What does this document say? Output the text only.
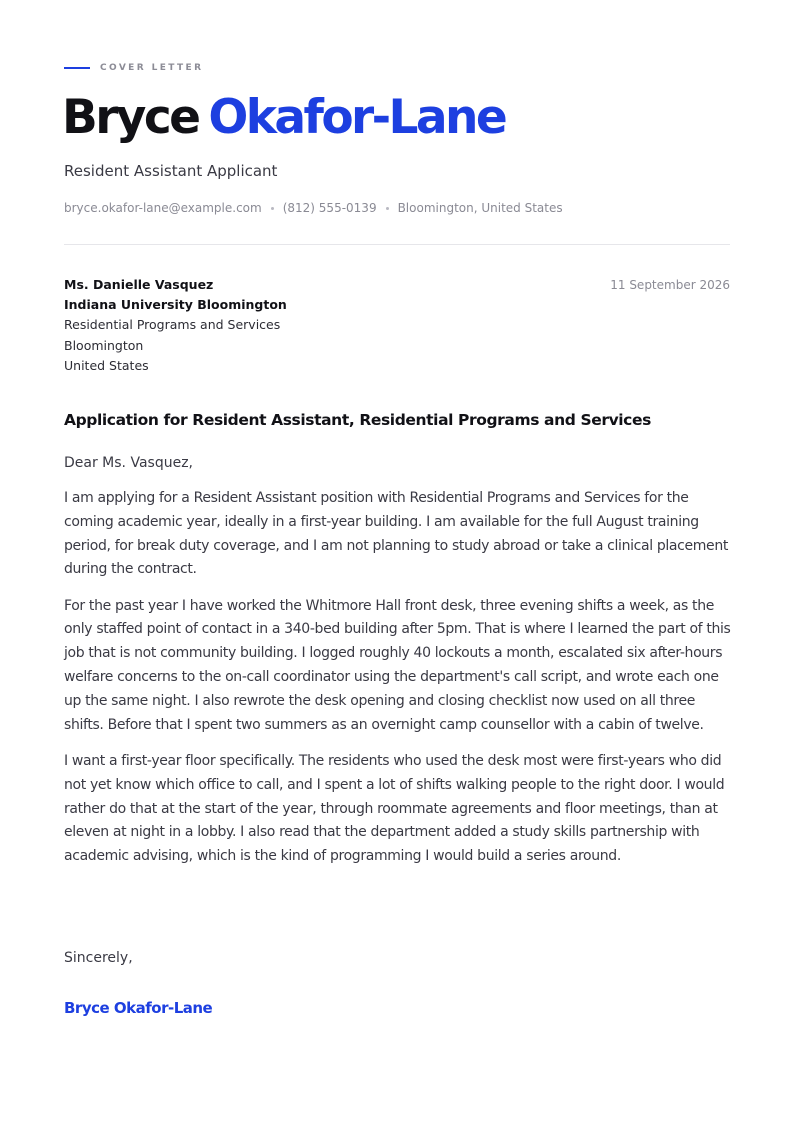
COVER LETTER
Bryce Okafor-Lane
Resident Assistant Applicant
bryce.okafor-lane@example.com (812) 555-0139 Bloomington, United States
Ms. Danielle Vasquez
Indiana University Bloomington
Residential Programs and Services
Bloomington
United States
11 September 2026
Application for Resident Assistant, Residential Programs and Services
Dear Ms. Vasquez,

I am applying for a Resident Assistant position with Residential Programs and Services for the coming academic year, ideally in a first-year building. I am available for the full August training period, for break duty coverage, and I am not planning to study abroad or take a clinical placement during the contract.

For the past year I have worked the Whitmore Hall front desk, three evening shifts a week, as the only staffed point of contact in a 340-bed building after 5pm. That is where I learned the part of this job that is not community building. I logged roughly 40 lockouts a month, escalated six after-hours welfare concerns to the on-call coordinator using the department's call script, and wrote each one up the same night. I also rewrote the desk opening and closing checklist now used on all three shifts. Before that I spent two summers as an overnight camp counsellor with a cabin of twelve.

I want a first-year floor specifically. The residents who used the desk most were first-years who did not yet know which office to call, and I spent a lot of shifts walking people to the right door. I would rather do that at the start of the year, through roommate agreements and floor meetings, than at eleven at night in a lobby. I also read that the department added a study skills partnership with academic advising, which is the kind of programming I would build a series around.

Sincerely,
Bryce Okafor-Lane
